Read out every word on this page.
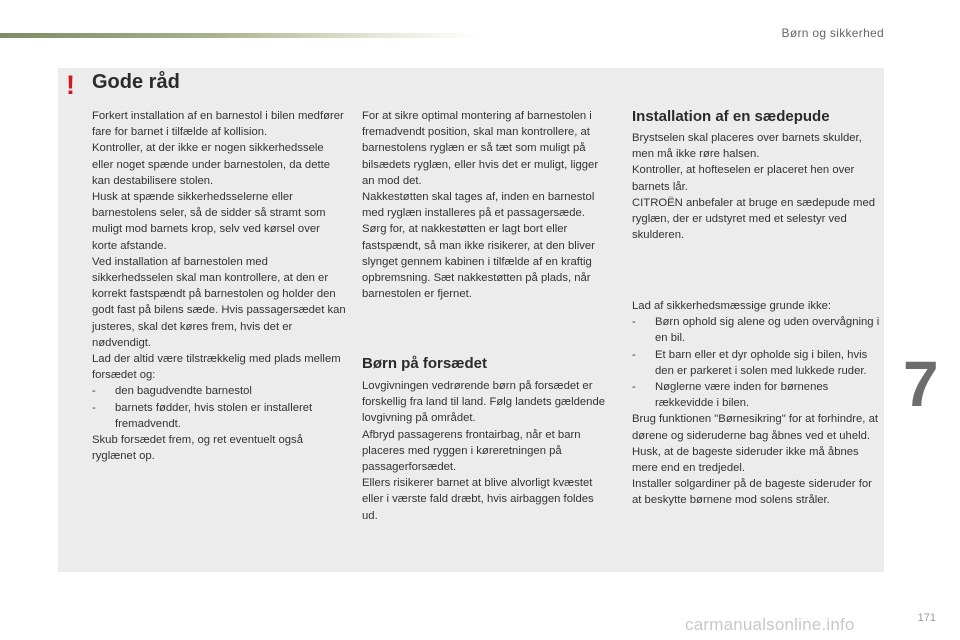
Børn og sikkerhed
! Gode råd

Forkert installation af en barnestol i bilen medfører fare for barnet i tilfælde af kollision.

Kontroller, at der ikke er nogen sikkerhedssele eller noget spænde under barnestolen, da dette kan destabilisere stolen.

Husk at spænde sikkerhedsselerne eller barnestolens seler, så de sidder så stramt som muligt mod barnets krop, selv ved kørsel over korte afstande.

Ved installation af barnestolen med sikkerhedsselen skal man kontrollere, at den er korrekt fastspændt på barnestolen og holder den godt fast på bilens sæde. Hvis passagersædet kan justeres, skal det køres frem, hvis det er nødvendigt.

Lad der altid være tilstrækkelig med plads mellem forsædet og:

- den bagudvendte barnestol

- barnets fødder, hvis stolen er installeret fremadvendt.

Skub forsædet frem, og ret eventuelt også ryglænet op.

For at sikre optimal montering af barnestolen i fremadvendt position, skal man kontrollere, at barnestolens ryglæn er så tæt som muligt på bilsædets ryglæn, eller hvis det er muligt, ligger an mod det.

Nakkestøtten skal tages af, inden en barnestol med ryglæn installeres på et passagersæde.

Sørg for, at nakkestøtten er lagt bort eller fastspændt, så man ikke risikerer, at den bliver slynget gennem kabinen i tilfælde af en kraftig opbremsning. Sæt nakkestøtten på plads, når barnestolen er fjernet.

Børn på forsædet

Lovgivningen vedrørende børn på forsædet er forskellig fra land til land. Følg landets gældende lovgivning på området.

Afbryd passagerens frontairbag, når et barn placeres med ryggen i køreretningen på passagerforsædet.

Ellers risikerer barnet at blive alvorligt kvæstet eller i værste fald dræbt, hvis airbaggen foldes ud.

Installation af en sædepude

Brystselen skal placeres over barnets skulder, men må ikke røre halsen.

Kontroller, at hofteselen er placeret hen over barnets lår.

CITROËN anbefaler at bruge en sædepude med ryglæn, der er udstyret med et selestyr ved skulderen.

Lad af sikkerhedsmæssige grunde ikke:

- Børn ophold sig alene og uden overvågning i en bil.

- Et barn eller et dyr opholde sig i bilen, hvis den er parkeret i solen med lukkede ruder.

- Nøglerne være inden for børnenes rækkevidde i bilen.

Brug funktionen "Børnesikring" for at forhindre, at dørene og sideruderne bag åbnes ved et uheld.

Husk, at de bageste sideruder ikke må åbnes mere end en tredjedel.

Installer solgardiner på de bageste sideruder for at beskytte børnene mod solens stråler.

7
171
carmanualsonline.info
